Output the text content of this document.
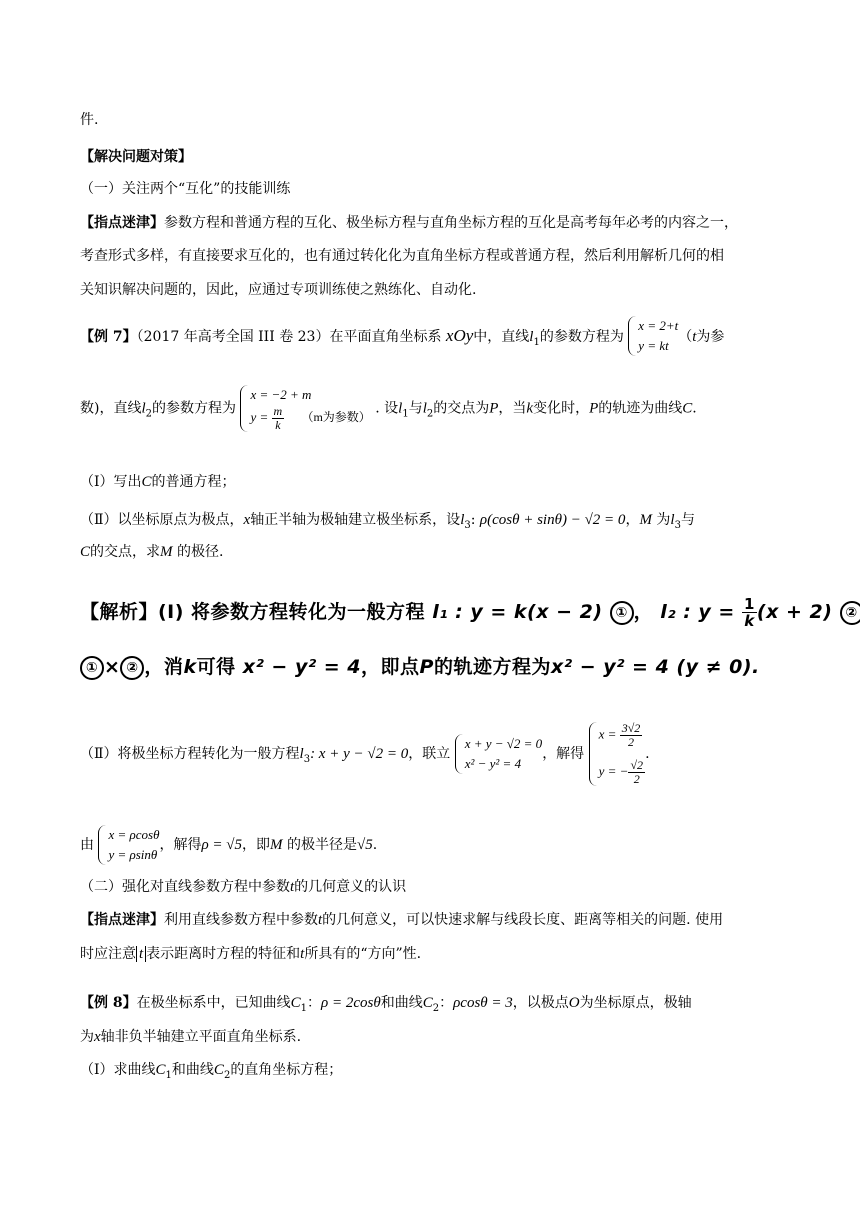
件.
【解决问题对策】
（一）关注两个“互化”的技能训练
【指点迷津】参数方程和普通方程的互化、极坐标方程与直角坐标方程的互化是高考每年必考的内容之一，
考查形式多样，有直接要求互化的，也有通过转化化为直角坐标方程或普通方程，然后利用解析几何的相
关知识解决问题的，因此，应通过专项训练使之熟练化、自动化.
【例 7】（2017 年高考全国 III 卷 23）在平面直角坐标系 xOy中，直线$l_1$的参数方程为
x = 2+t
y = kt
（t为参
数)，直线$l_2$的参数方程为
x = −2 + m
$y = \frac{m}{k} (m$为参数）
. 设$l_1$与$l_2$的交点为P，当k变化时，P的轨迹为曲线C.
（Ⅰ）写出C的普通方程；
（Ⅱ）以坐标原点为极点，x轴正半轴为极轴建立极坐标系，设$l_3$: ρ(cosθ + sinθ) − √2 = 0，M 为$l_3$与
C的交点，求M 的极径.
【解析】(Ⅰ) 将参数方程转化为一般方程 l₁ : y = k(x − 2) ① ， l₂ : $y = \frac{1}{k} (x + 2)$ ②
① × ② ，消k可得 x² − y² = 4，即点P的轨迹方程为x² − y² = 4 (y ≠ 0).
（Ⅱ）将极坐标方程转化为一般方程$l_3$: x + y − √2 = 0，联立
x + y − √2 = 0
x² − y² = 4
，解得
$x = \frac{3√2}{2}$
y = − $\frac{√2}{2}$
.
由
x = ρcosθ
y = ρsinθ
，解得ρ = √5，即M 的极半径是√5.
（二）强化对直线参数方程中参数t的几何意义的认识
【指点迷津】利用直线参数方程中参数t的几何意义，可以快速求解与线段长度、距离等相关的问题. 使用
时应注意 t 表示距离时方程的特征和t所具有的“方向”性.
【例 8】在极坐标系中，已知曲线$C_1$：ρ = 2cosθ和曲线$C_2$：ρcosθ = 3，以极点O为坐标原点，极轴
为x轴非负半轴建立平面直角坐标系.
（Ⅰ）求曲线$C_1$和曲线$C_2$的直角坐标方程；
